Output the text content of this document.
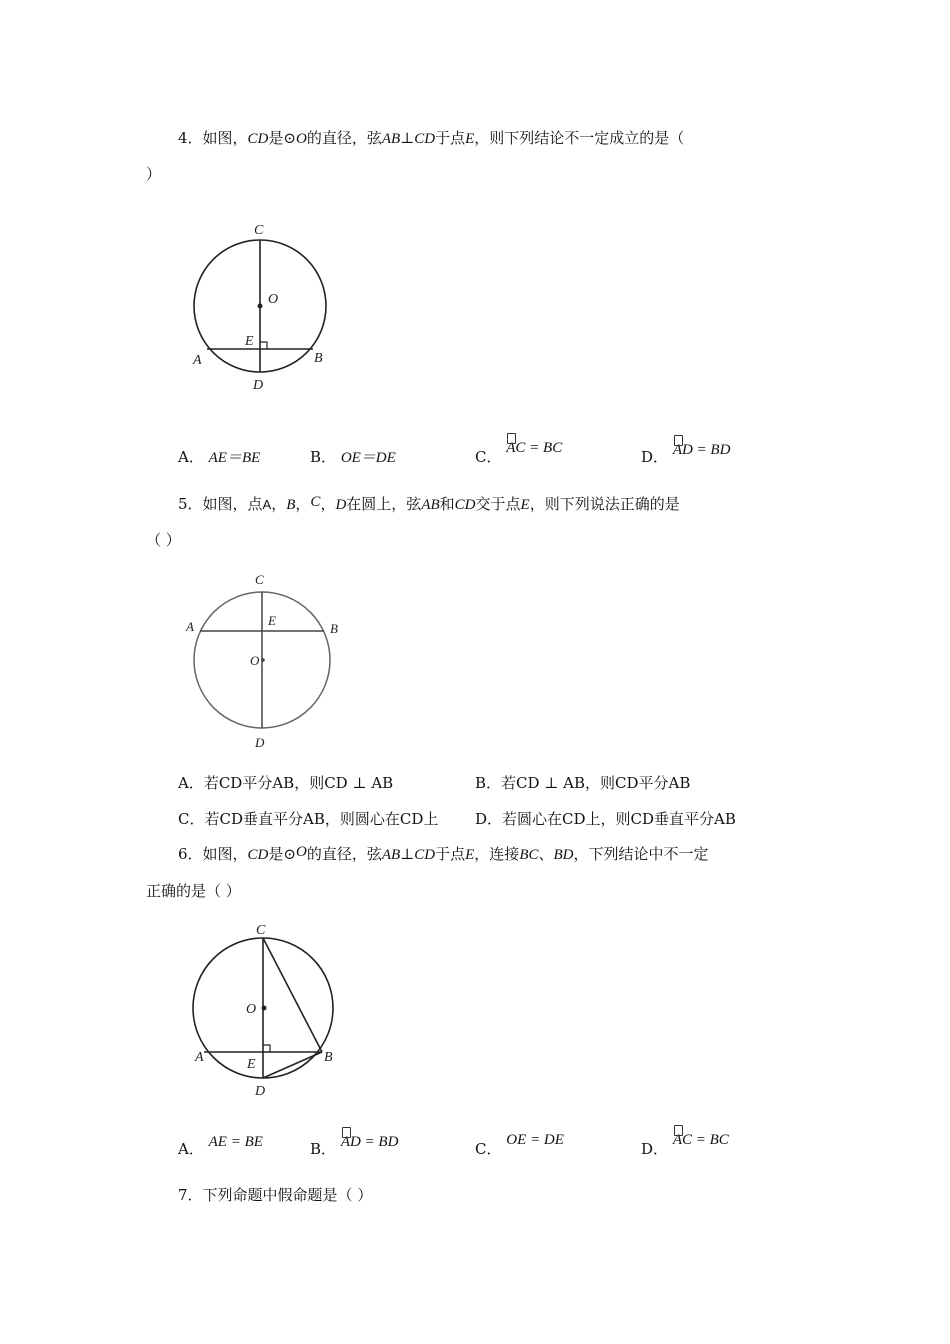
4．如图，CD是⊙O的直径，弦AB⊥CD于点E，则下列结论不一定成立的是（
）
C
O
E
A	B
D
A． AE＝BE	B． OE＝DE	C． AC = BC	D． AD = BD
5．如图，点A，B，C，D在圆上，弦AB和CD交于点E，则下列说法正确的是
（ ）
C
E
A	B
O
D
A．若CD平分AB，则CD ⊥ AB	B．若CD ⊥ AB，则CD平分AB
C．若CD垂直平分AB，则圆心在CD上 D．若圆心在CD上，则CD垂直平分AB
6．如图，CD是⊙O的直径，弦AB⊥CD于点E，连接BC、BD，下列结论中不一定
正确的是（ ）
C
O
E
A	B
D
A． AE = BE	B． AD = BD	C． OE = DE	D． AC = BC
7．下列命题中假命题是（ ）
